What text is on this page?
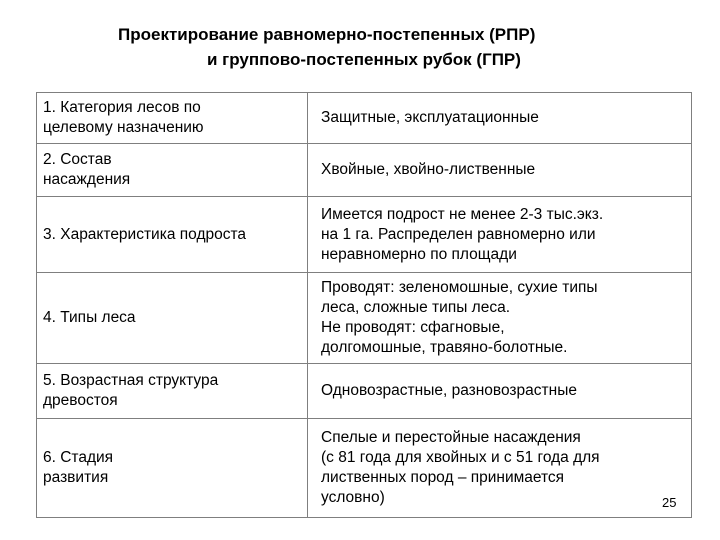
Проектирование равномерно-постепенных (РПР)
и группово-постепенных рубок (ГПР)
1. Категория лесов по
целевому назначению	Защитные, эксплуатационные
2. Состав
насаждения	Хвойные, хвойно-лиственные
3. Характеристика подроста	Имеется подрост не менее 2-3 тыс.экз.
на 1 га. Распределен равномерно или
неравномерно по площади
4. Типы леса	Проводят: зеленомошные, сухие типы
леса, сложные типы леса.
Не проводят: сфагновые,
долгомошные, травяно-болотные.
5. Возрастная структура
древостоя	Одновозрастные, разновозрастные
6. Стадия
развития	Спелые и перестойные насаждения
(с 81 года для хвойных и с 51 года для
лиственных пород – принимается
условно)	25
